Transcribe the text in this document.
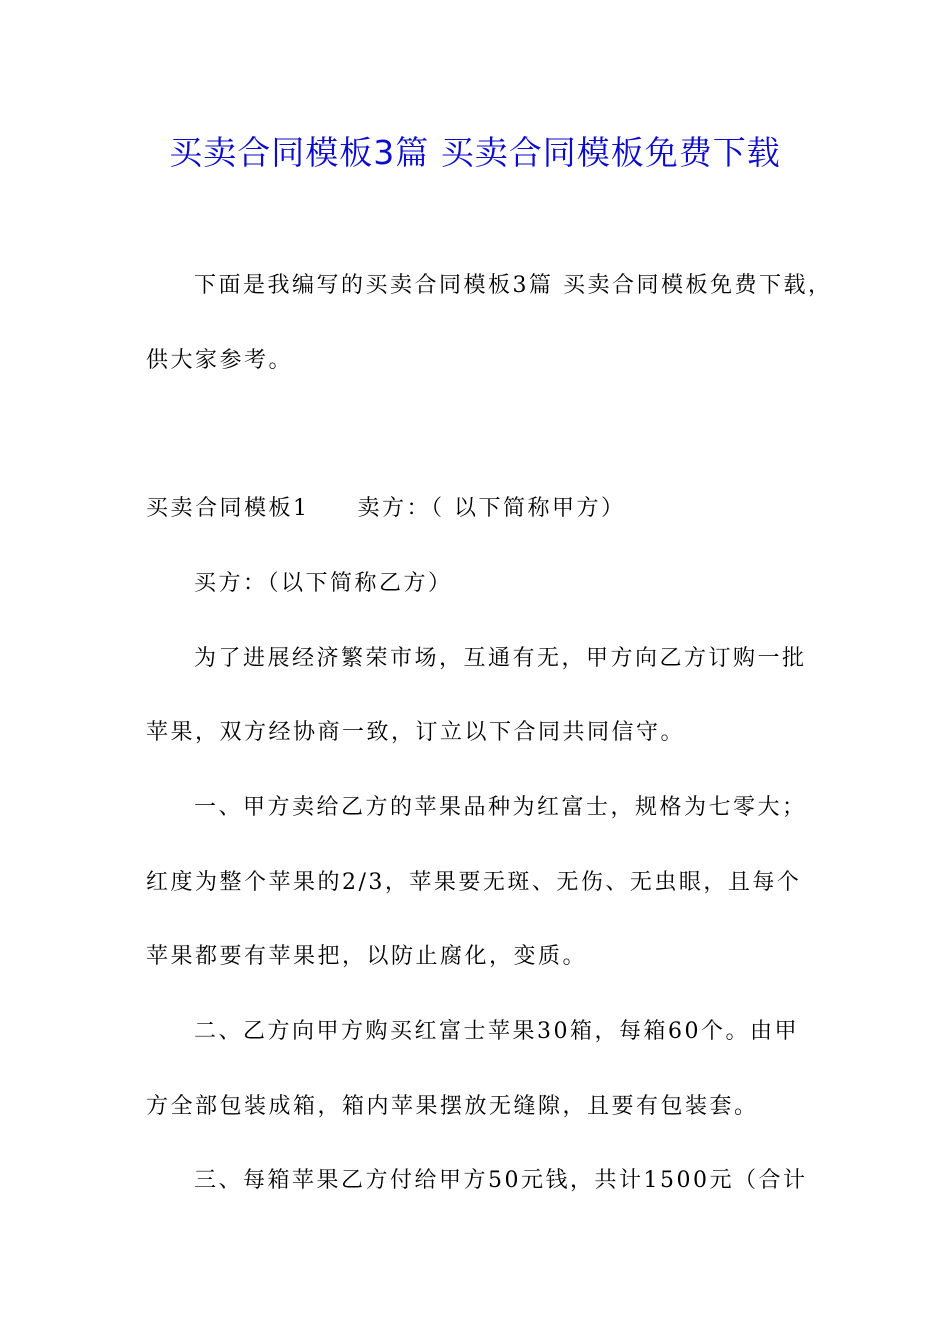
买卖合同模板3篇 买卖合同模板免费下载
下面是我编写的买卖合同模板3篇 买卖合同模板免费下载，
供大家参考。
买卖合同模板1 卖方：（ 以下简称甲方）
买方：（以下简称乙方）
为了进展经济繁荣市场，互通有无，甲方向乙方订购一批
苹果，双方经协商一致，订立以下合同共同信守。
一、甲方卖给乙方的苹果品种为红富士，规格为七零大；
红度为整个苹果的2/3，苹果要无斑、无伤、无虫眼，且每个
苹果都要有苹果把，以防止腐化，变质。
二、乙方向甲方购买红富士苹果30箱，每箱60个。由甲
方全部包装成箱，箱内苹果摆放无缝隙，且要有包装套。
三、每箱苹果乙方付给甲方50元钱，共计1500元（合计
